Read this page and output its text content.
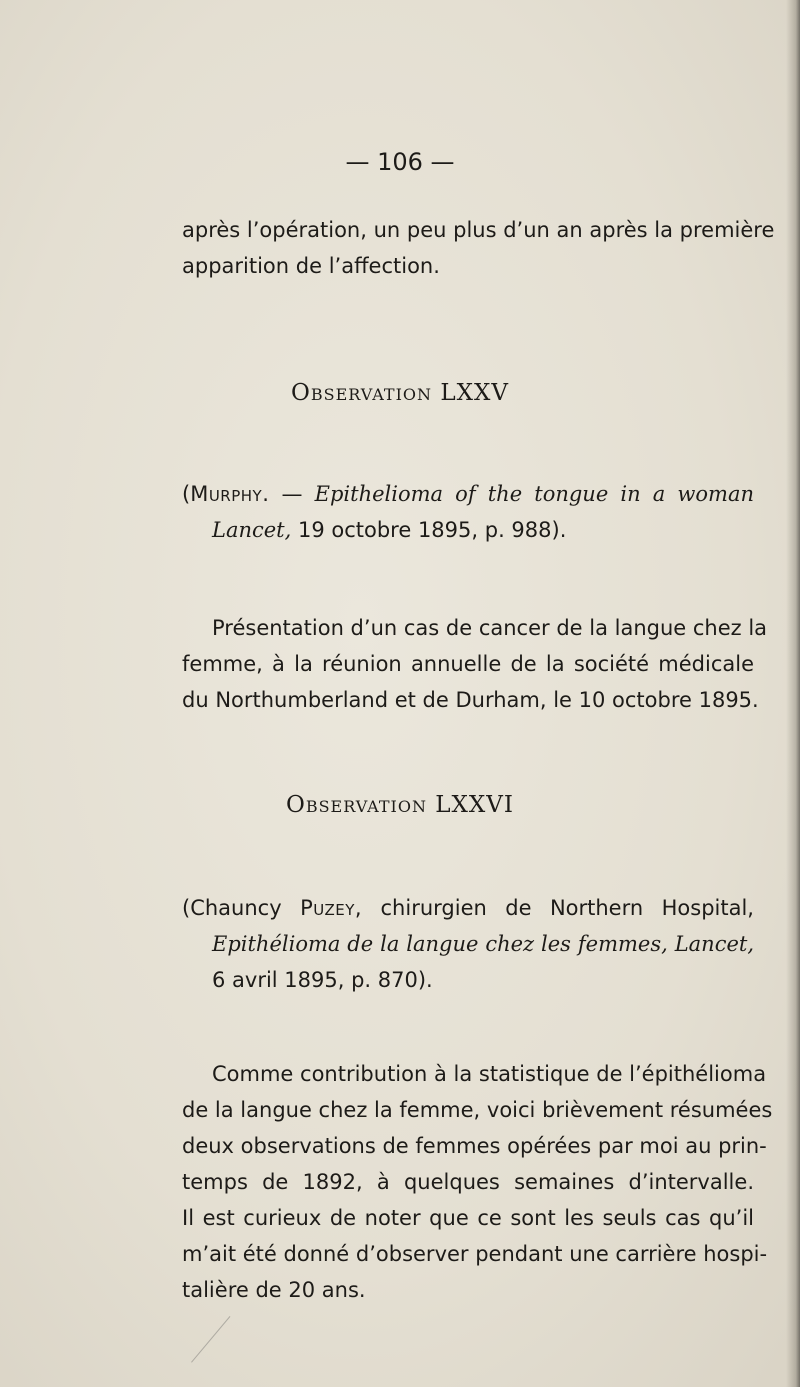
— 106 —
après l’opération, un peu plus d’un an après la première
apparition de l’affection.
Observation LXXV
(Murphy. — Epithelioma of the tongue in a woman
Lancet, 19 octobre 1895, p. 988).
Présentation d’un cas de cancer de la langue chez la
femme, à la réunion annuelle de la société médicale
du Northumberland et de Durham, le 10 octobre 1895.
Observation LXXVI
(Chauncy Puzey, chirurgien de Northern Hospital,
Epithélioma de la langue chez les femmes, Lancet,
6 avril 1895, p. 870).
Comme contribution à la statistique de l’épithélioma
de la langue chez la femme, voici brièvement résumées
deux observations de femmes opérées par moi au prin-
temps de 1892, à quelques semaines d’intervalle.
Il est curieux de noter que ce sont les seuls cas qu’il
m’ait été donné d’observer pendant une carrière hospi-
talière de 20 ans.
